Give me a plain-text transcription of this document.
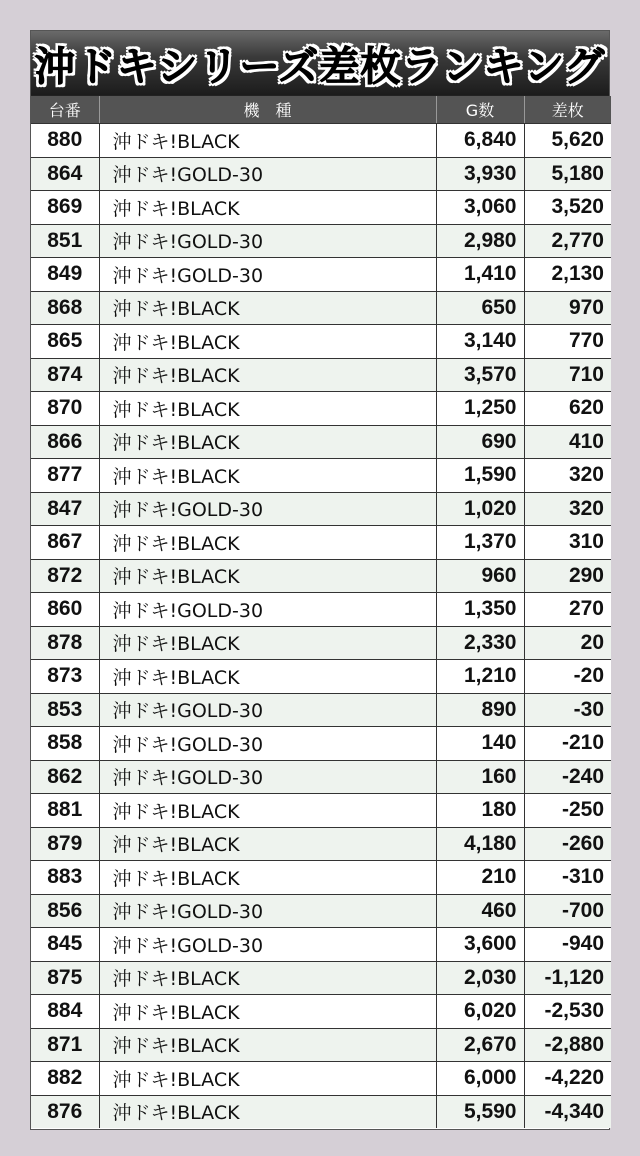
沖ドキシリーズ差枚ランキング
台番	機　種	G数	差枚
880	沖ドキ!BLACK	6,840	5,620
864	沖ドキ!GOLD-30	3,930	5,180
869	沖ドキ!BLACK	3,060	3,520
851	沖ドキ!GOLD-30	2,980	2,770
849	沖ドキ!GOLD-30	1,410	2,130
868	沖ドキ!BLACK	650	970
865	沖ドキ!BLACK	3,140	770
874	沖ドキ!BLACK	3,570	710
870	沖ドキ!BLACK	1,250	620
866	沖ドキ!BLACK	690	410
877	沖ドキ!BLACK	1,590	320
847	沖ドキ!GOLD-30	1,020	320
867	沖ドキ!BLACK	1,370	310
872	沖ドキ!BLACK	960	290
860	沖ドキ!GOLD-30	1,350	270
878	沖ドキ!BLACK	2,330	20
873	沖ドキ!BLACK	1,210	-20
853	沖ドキ!GOLD-30	890	-30
858	沖ドキ!GOLD-30	140	-210
862	沖ドキ!GOLD-30	160	-240
881	沖ドキ!BLACK	180	-250
879	沖ドキ!BLACK	4,180	-260
883	沖ドキ!BLACK	210	-310
856	沖ドキ!GOLD-30	460	-700
845	沖ドキ!GOLD-30	3,600	-940
875	沖ドキ!BLACK	2,030	-1,120
884	沖ドキ!BLACK	6,020	-2,530
871	沖ドキ!BLACK	2,670	-2,880
882	沖ドキ!BLACK	6,000	-4,220
876	沖ドキ!BLACK	5,590	-4,340
